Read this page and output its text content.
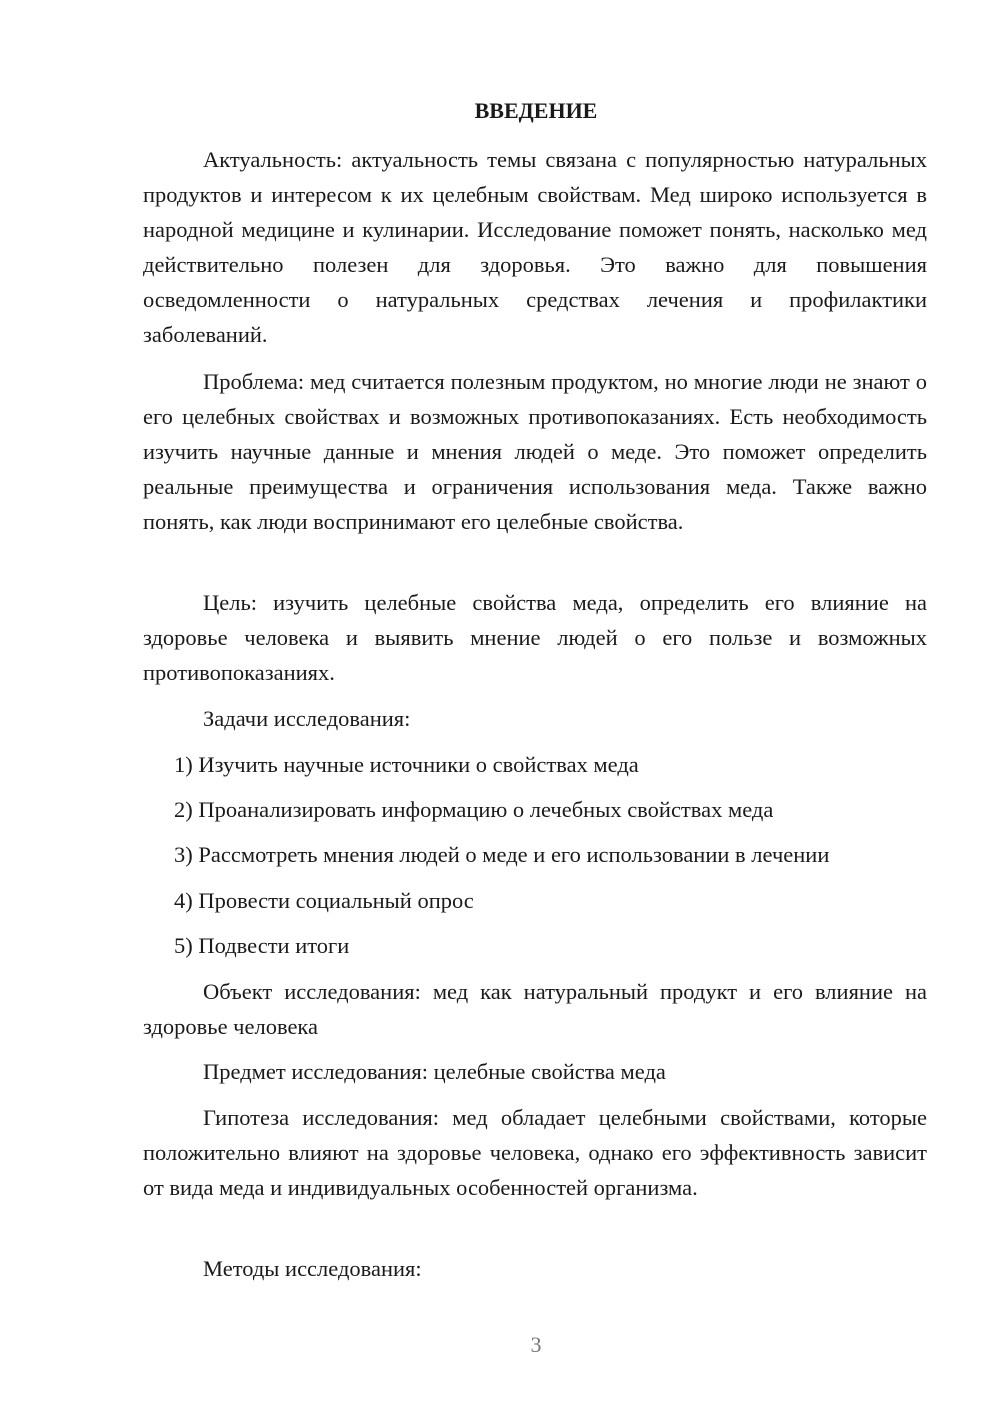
ВВЕДЕНИЕ

Актуальность: актуальность темы связана с популярностью натуральных продуктов и интересом к их целебным свойствам. Мед широко используется в народной медицине и кулинарии. Исследование поможет понять, насколько мед действительно полезен для здоровья. Это важно для повышения осведомленности о натуральных средствах лечения и профилактики заболеваний.

Проблема: мед считается полезным продуктом, но многие люди не знают о его целебных свойствах и возможных противопоказаниях. Есть необходимость изучить научные данные и мнения людей о меде. Это поможет определить реальные преимущества и ограничения использования меда. Также важно понять, как люди воспринимают его целебные свойства.

Цель: изучить целебные свойства меда, определить его влияние на здоровье человека и выявить мнение людей о его пользе и возможных противопоказаниях.

Задачи исследования:

1) Изучить научные источники о свойствах меда

2) Проанализировать информацию о лечебных свойствах меда

3) Рассмотреть мнения людей о меде и его использовании в лечении

4) Провести социальный опрос

5) Подвести итоги

Объект исследования: мед как натуральный продукт и его влияние на здоровье человека

Предмет исследования: целебные свойства меда

Гипотеза исследования: мед обладает целебными свойствами, которые положительно влияют на здоровье человека, однако его эффективность зависит от вида меда и индивидуальных особенностей организма.

Методы исследования:

3
